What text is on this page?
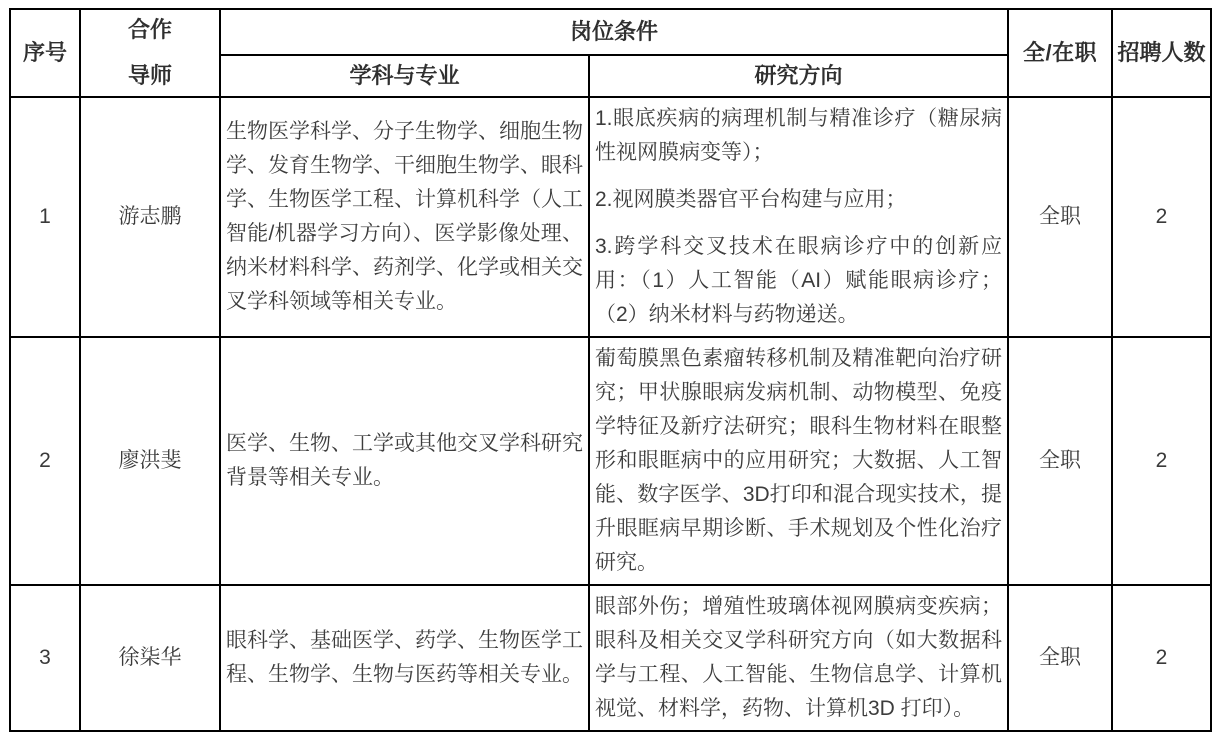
序号	合作
导师	岗位条件		全/在职	招聘人数
		学科与专业	研究方向		
1	游志鹏	生物医学科学、分子生物学、细胞生物学、发育生物学、干细胞生物学、眼科学、生物医学工程、计算机科学（人工智能/机器学习方向）、医学影像处理、纳米材料科学、药剂学、化学或相关交叉学科领域等相关专业。	1.眼底疾病的病理机制与精准诊疗（糖尿病性视网膜病变等）；

2.视网膜类器官平台构建与应用；

3.跨学科交叉技术在眼病诊疗中的创新应用：（1）人工智能（AI）赋能眼病诊疗；（2）纳米材料与药物递送。	全职	2
2	廖洪斐	医学、生物、工学或其他交叉学科研究背景等相关专业。	葡萄膜黑色素瘤转移机制及精准靶向治疗研究；甲状腺眼病发病机制、动物模型、免疫学特征及新疗法研究；眼科生物材料在眼整形和眼眶病中的应用研究；大数据、人工智能、数字医学、3D打印和混合现实技术，提升眼眶病早期诊断、手术规划及个性化治疗研究。	全职	2
3	徐柒华	眼科学、基础医学、药学、生物医学工程、生物学、生物与医药等相关专业。	眼部外伤；增殖性玻璃体视网膜病变疾病；眼科及相关交叉学科研究方向（如大数据科学与工程、人工智能、生物信息学、计算机视觉、材料学，药物、计算机3D 打印）。	全职	2
